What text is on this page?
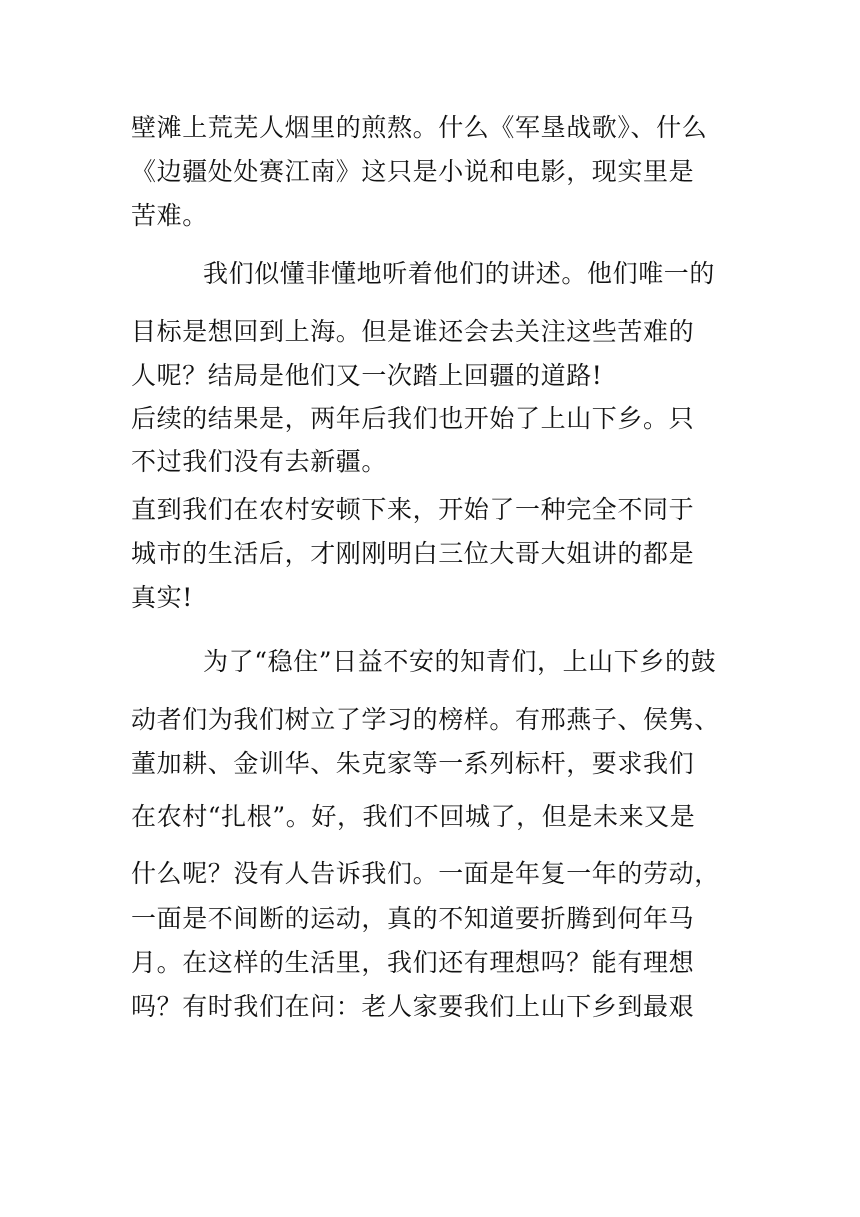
壁滩上荒芜人烟里的煎熬。什么《军垦战歌》、什么
《边疆处处赛江南》这只是小说和电影，现实里是
苦难。
我们似懂非懂地听着他们的讲述。他们唯一的
目标是想回到上海。但是谁还会去关注这些苦难的
人呢？结局是他们又一次踏上回疆的道路!
后续的结果是，两年后我们也开始了上山下乡。只
不过我们没有去新疆。
直到我们在农村安顿下来，开始了一种完全不同于
城市的生活后，才刚刚明白三位大哥大姐讲的都是
真实!
为了“稳住”日益不安的知青们，上山下乡的鼓
动者们为我们树立了学习的榜样。有邢燕子、侯隽、
董加耕、金训华、朱克家等一系列标杆，要求我们
在农村“扎根”。好，我们不回城了，但是未来又是
什么呢？没有人告诉我们。一面是年复一年的劳动，
一面是不间断的运动，真的不知道要折腾到何年马
月。在这样的生活里，我们还有理想吗？能有理想
吗？有时我们在问：老人家要我们上山下乡到最艰
